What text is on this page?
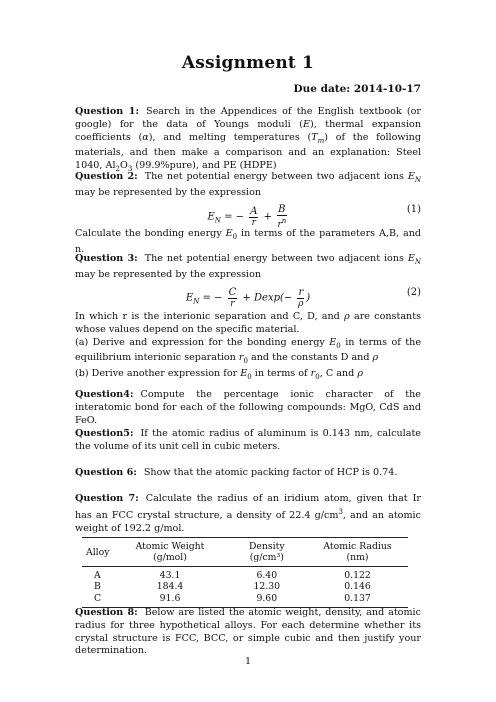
Assignment 1
Due date: 2014-10-17
Question 1: Search in the Appendices of the English textbook (or google) for the data of Youngs moduli (E), thermal expansion coefficients (α), and melting temperatures $(T_m)$ of the following materials, and then make a comparison and an explanation: Steel 1040, $Al_2O_3$ (99.9%pure), and PE (HDPE)
Question 2: The net potential energy between two adjacent ions $E_N$ may be represented by the expression
$E_N$ = − $\frac{A}{r} + \frac{B}{r^n}$	(1)
Calculate the bonding energy $E_0$ in terms of the parameters A,B, and n.
Question 3: The net potential energy between two adjacent ions $E_N$ may be represented by the expression
$E_N$ = − $\frac{C}{r} + Dexp(- \frac{r}{\rho}$ )	(2)
In which r is the interionic separation and C, D, and ρ are constants whose values depend on the specific material.
(a) Derive and expression for the bonding energy $E_0$ in terms of the equilibrium interionic separation $r_0$ and the constants D and ρ
(b) Derive another expression for $E_0$ in terms of $r_0$, C and ρ
Question4: Compute the percentage ionic character of the interatomic bond for each of the following compounds: MgO, CdS and FeO.
Question5: If the atomic radius of aluminum is 0.143 nm, calculate the volume of its unit cell in cubic meters.
Question 6: Show that the atomic packing factor of HCP is 0.74.
Question 7: Calculate the radius of an iridium atom, given that Ir has an FCC crystal structure, a density of 22.4 $g/cm^3$, and an atomic weight of 192.2 g/mol.
Alloy	Atomic Weight (g/mol)	Density (g/cm³)	Atomic Radius (nm)
A	43.1	6.40	0.122
B	184.4	12.30	0.146
C	91.6	9.60	0.137
Question 8: Below are listed the atomic weight, density, and atomic radius for three hypothetical alloys. For each determine whether its crystal structure is FCC, BCC, or simple cubic and then justify your determination.
1
